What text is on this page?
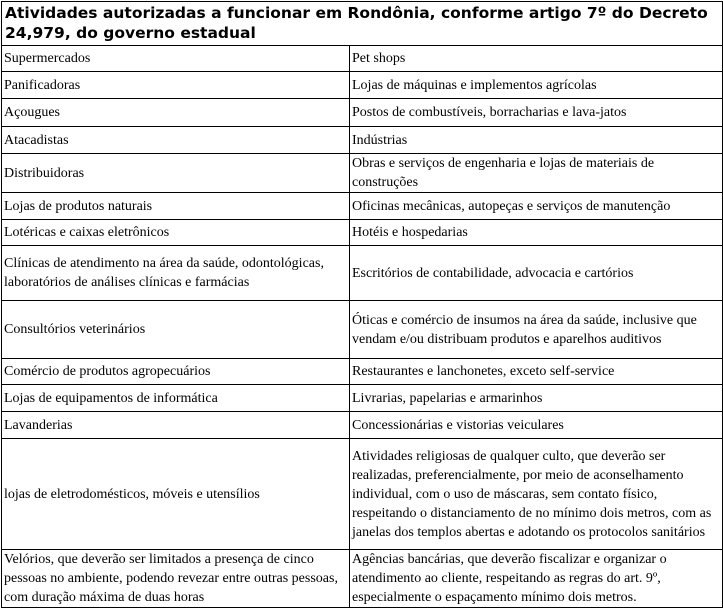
Atividades autorizadas a funcionar em Rondônia, conforme artigo 7º do Decreto 24,979, do governo estadual	
Supermercados	Pet shops
Panificadoras	Lojas de máquinas e implementos agrícolas
Açougues	Postos de combustíveis, borracharias e lava-jatos
Atacadistas	Indústrias
Distribuidoras	Obras e serviços de engenharia e lojas de materiais de construções
Lojas de produtos naturais	Oficinas mecânicas, autopeças e serviços de manutenção
Lotéricas e caixas eletrônicos	Hotéis e hospedarias
Clínicas de atendimento na área da saúde, odontológicas, laboratórios de análises clínicas e farmácias	Escritórios de contabilidade, advocacia e cartórios
Consultórios veterinários	Óticas e comércio de insumos na área da saúde, inclusive que vendam e/ou distribuam produtos e aparelhos auditivos
Comércio de produtos agropecuários	Restaurantes e lanchonetes, exceto self-service
Lojas de equipamentos de informática	Livrarias, papelarias e armarinhos
Lavanderias	Concessionárias e vistorias veiculares
lojas de eletrodomésticos, móveis e utensílios	Atividades religiosas de qualquer culto, que deverão ser realizadas, preferencialmente, por meio de aconselhamento individual, com o uso de máscaras, sem contato físico, respeitando o distanciamento de no mínimo dois metros, com as janelas dos templos abertas e adotando os protocolos sanitários
Velórios, que deverão ser limitados a presença de cinco pessoas no ambiente, podendo revezar entre outras pessoas, com duração máxima de duas horas	Agências bancárias, que deverão fiscalizar e organizar o atendimento ao cliente, respeitando as regras do art. 9º, especialmente o espaçamento mínimo dois metros.
